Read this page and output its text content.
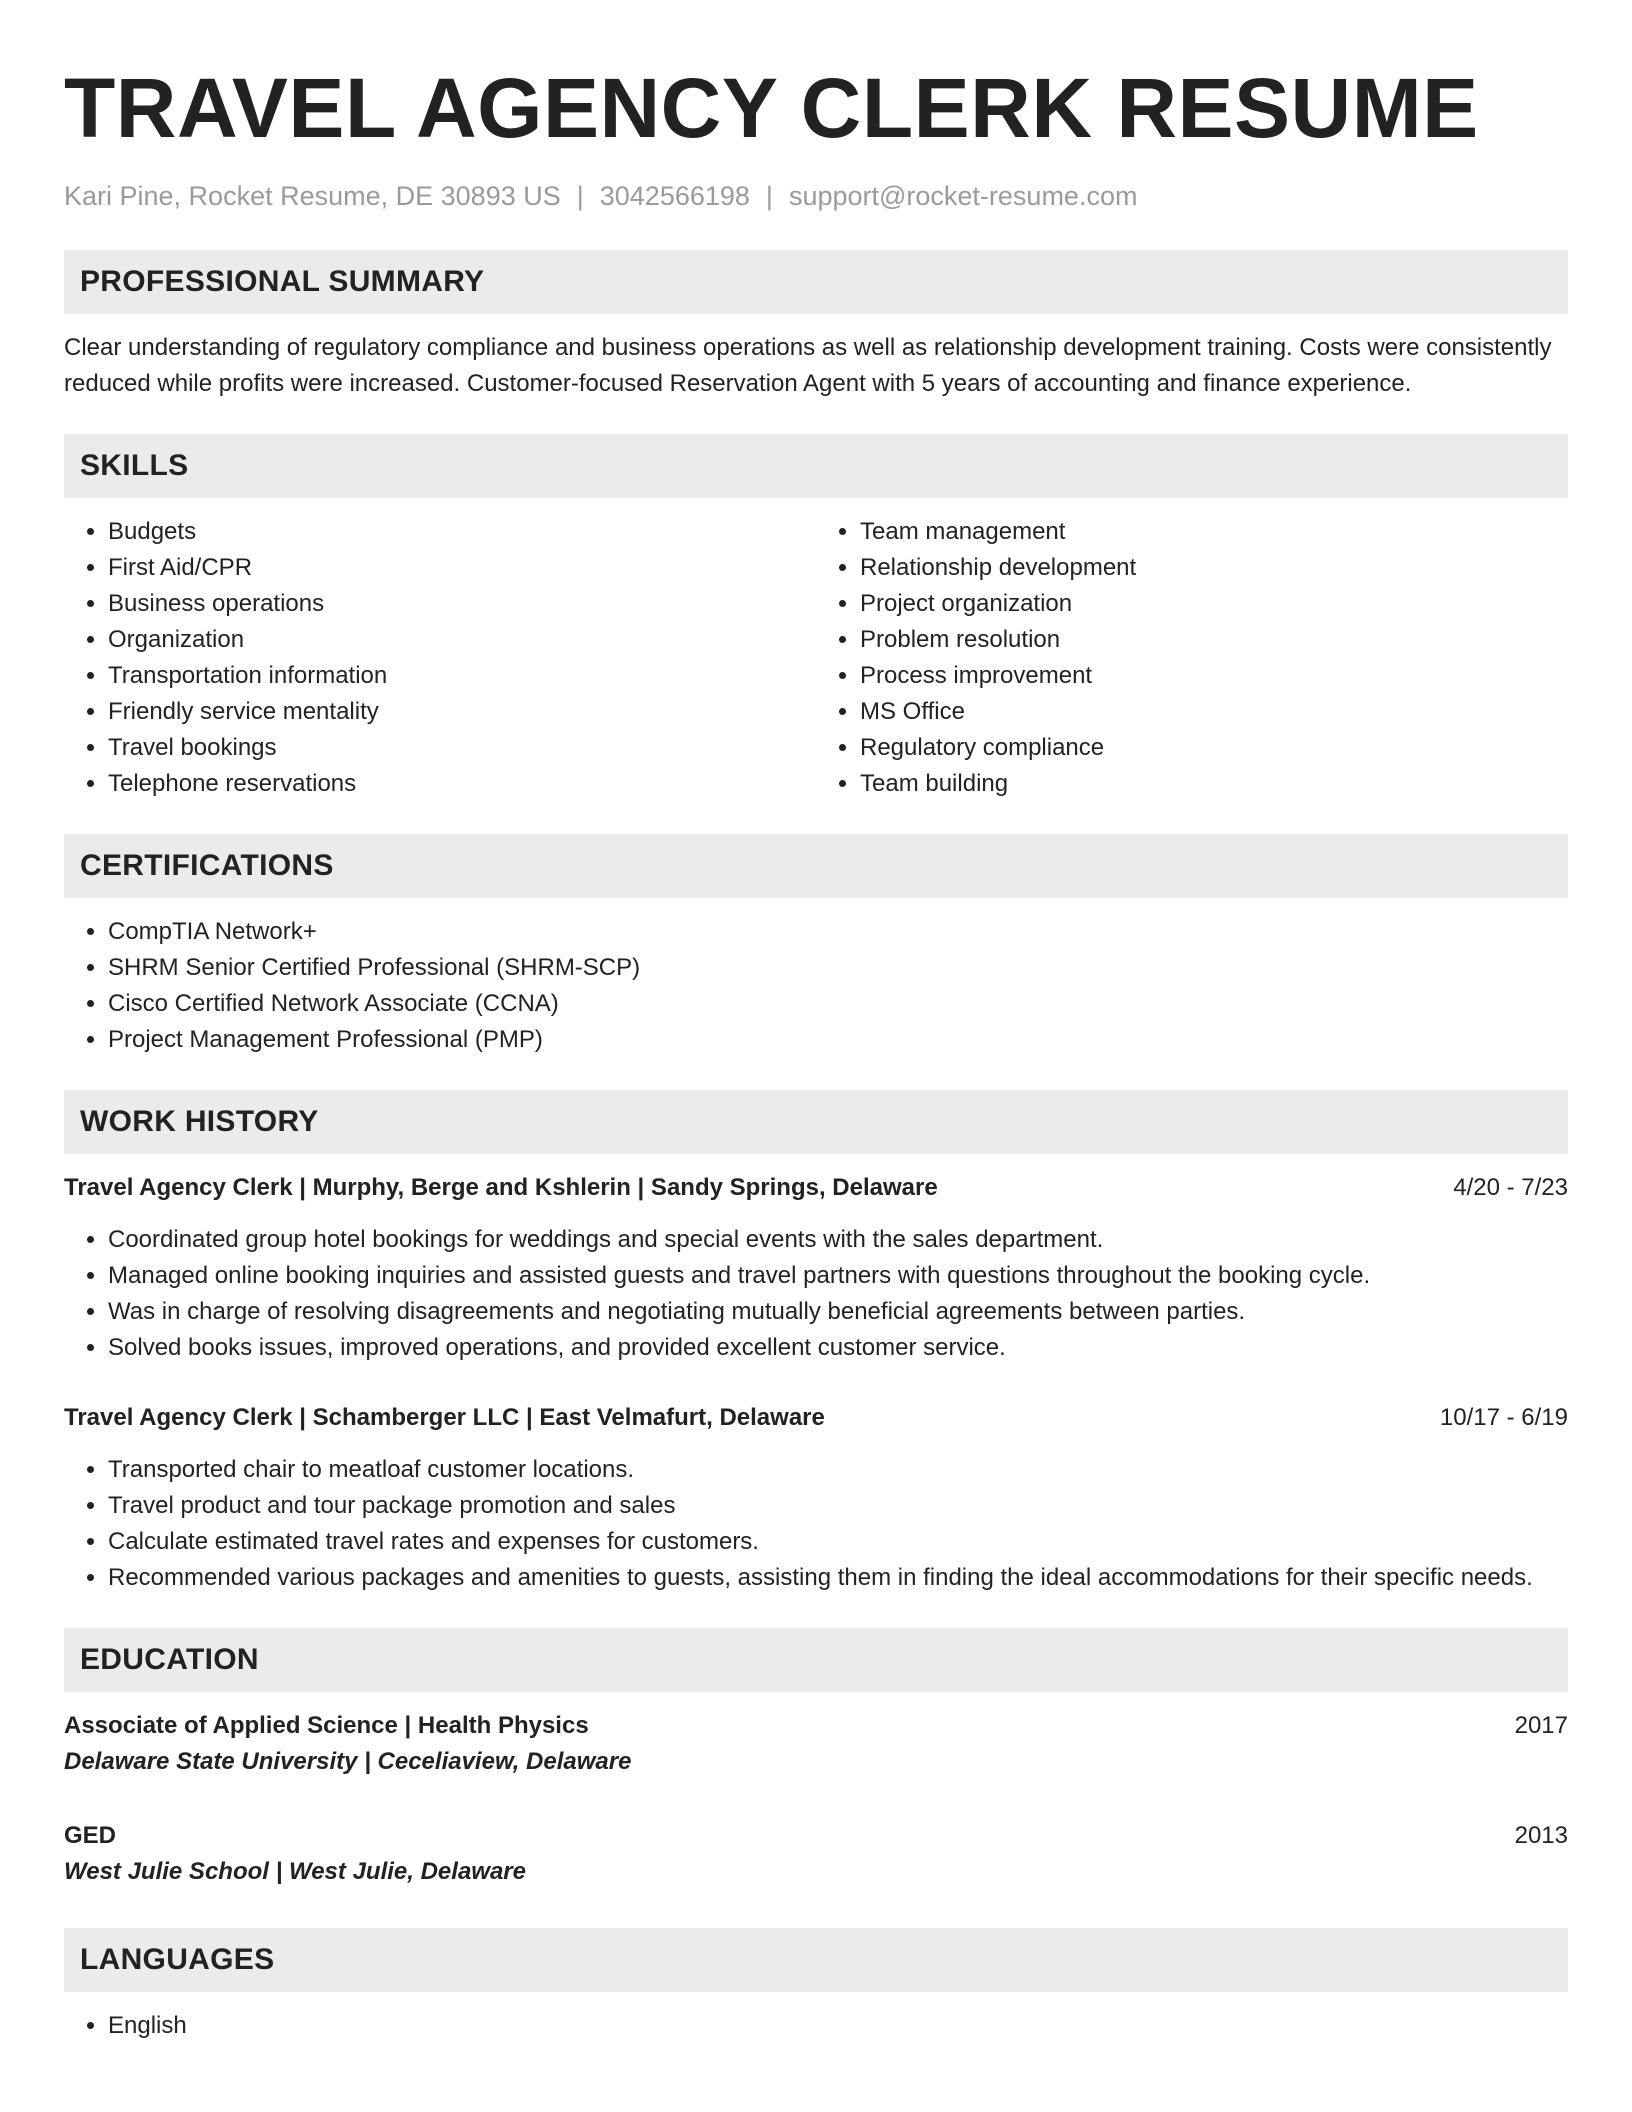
TRAVEL AGENCY CLERK RESUME
Kari Pine, Rocket Resume, DE 30893 US | 3042566198 | support@rocket-resume.com
PROFESSIONAL SUMMARY

Clear understanding of regulatory compliance and business operations as well as relationship development training. Costs were consistently reduced while profits were increased. Customer-focused Reservation Agent with 5 years of accounting and finance experience.

SKILLS
• Budgets
• First Aid/CPR
• Business operations
• Organization
• Transportation information
• Friendly service mentality
• Travel bookings
• Telephone reservations
• Team management
• Relationship development
• Project organization
• Problem resolution
• Process improvement
• MS Office
• Regulatory compliance
• Team building
CERTIFICATIONS
• CompTIA Network+
• SHRM Senior Certified Professional (SHRM-SCP)
• Cisco Certified Network Associate (CCNA)
• Project Management Professional (PMP)
WORK HISTORY
Travel Agency Clerk | Murphy, Berge and Kshlerin | Sandy Springs, Delaware	4/20 - 7/23
• Coordinated group hotel bookings for weddings and special events with the sales department.
• Managed online booking inquiries and assisted guests and travel partners with questions throughout the booking cycle.
• Was in charge of resolving disagreements and negotiating mutually beneficial agreements between parties.
• Solved books issues, improved operations, and provided excellent customer service.
Travel Agency Clerk | Schamberger LLC | East Velmafurt, Delaware	10/17 - 6/19
• Transported chair to meatloaf customer locations.
• Travel product and tour package promotion and sales
• Calculate estimated travel rates and expenses for customers.
• Recommended various packages and amenities to guests, assisting them in finding the ideal accommodations for their specific needs.
EDUCATION
Associate of Applied Science | Health Physics	2017
Delaware State University | Ceceliaview, Delaware
GED	2013
West Julie School | West Julie, Delaware
LANGUAGES
• English
